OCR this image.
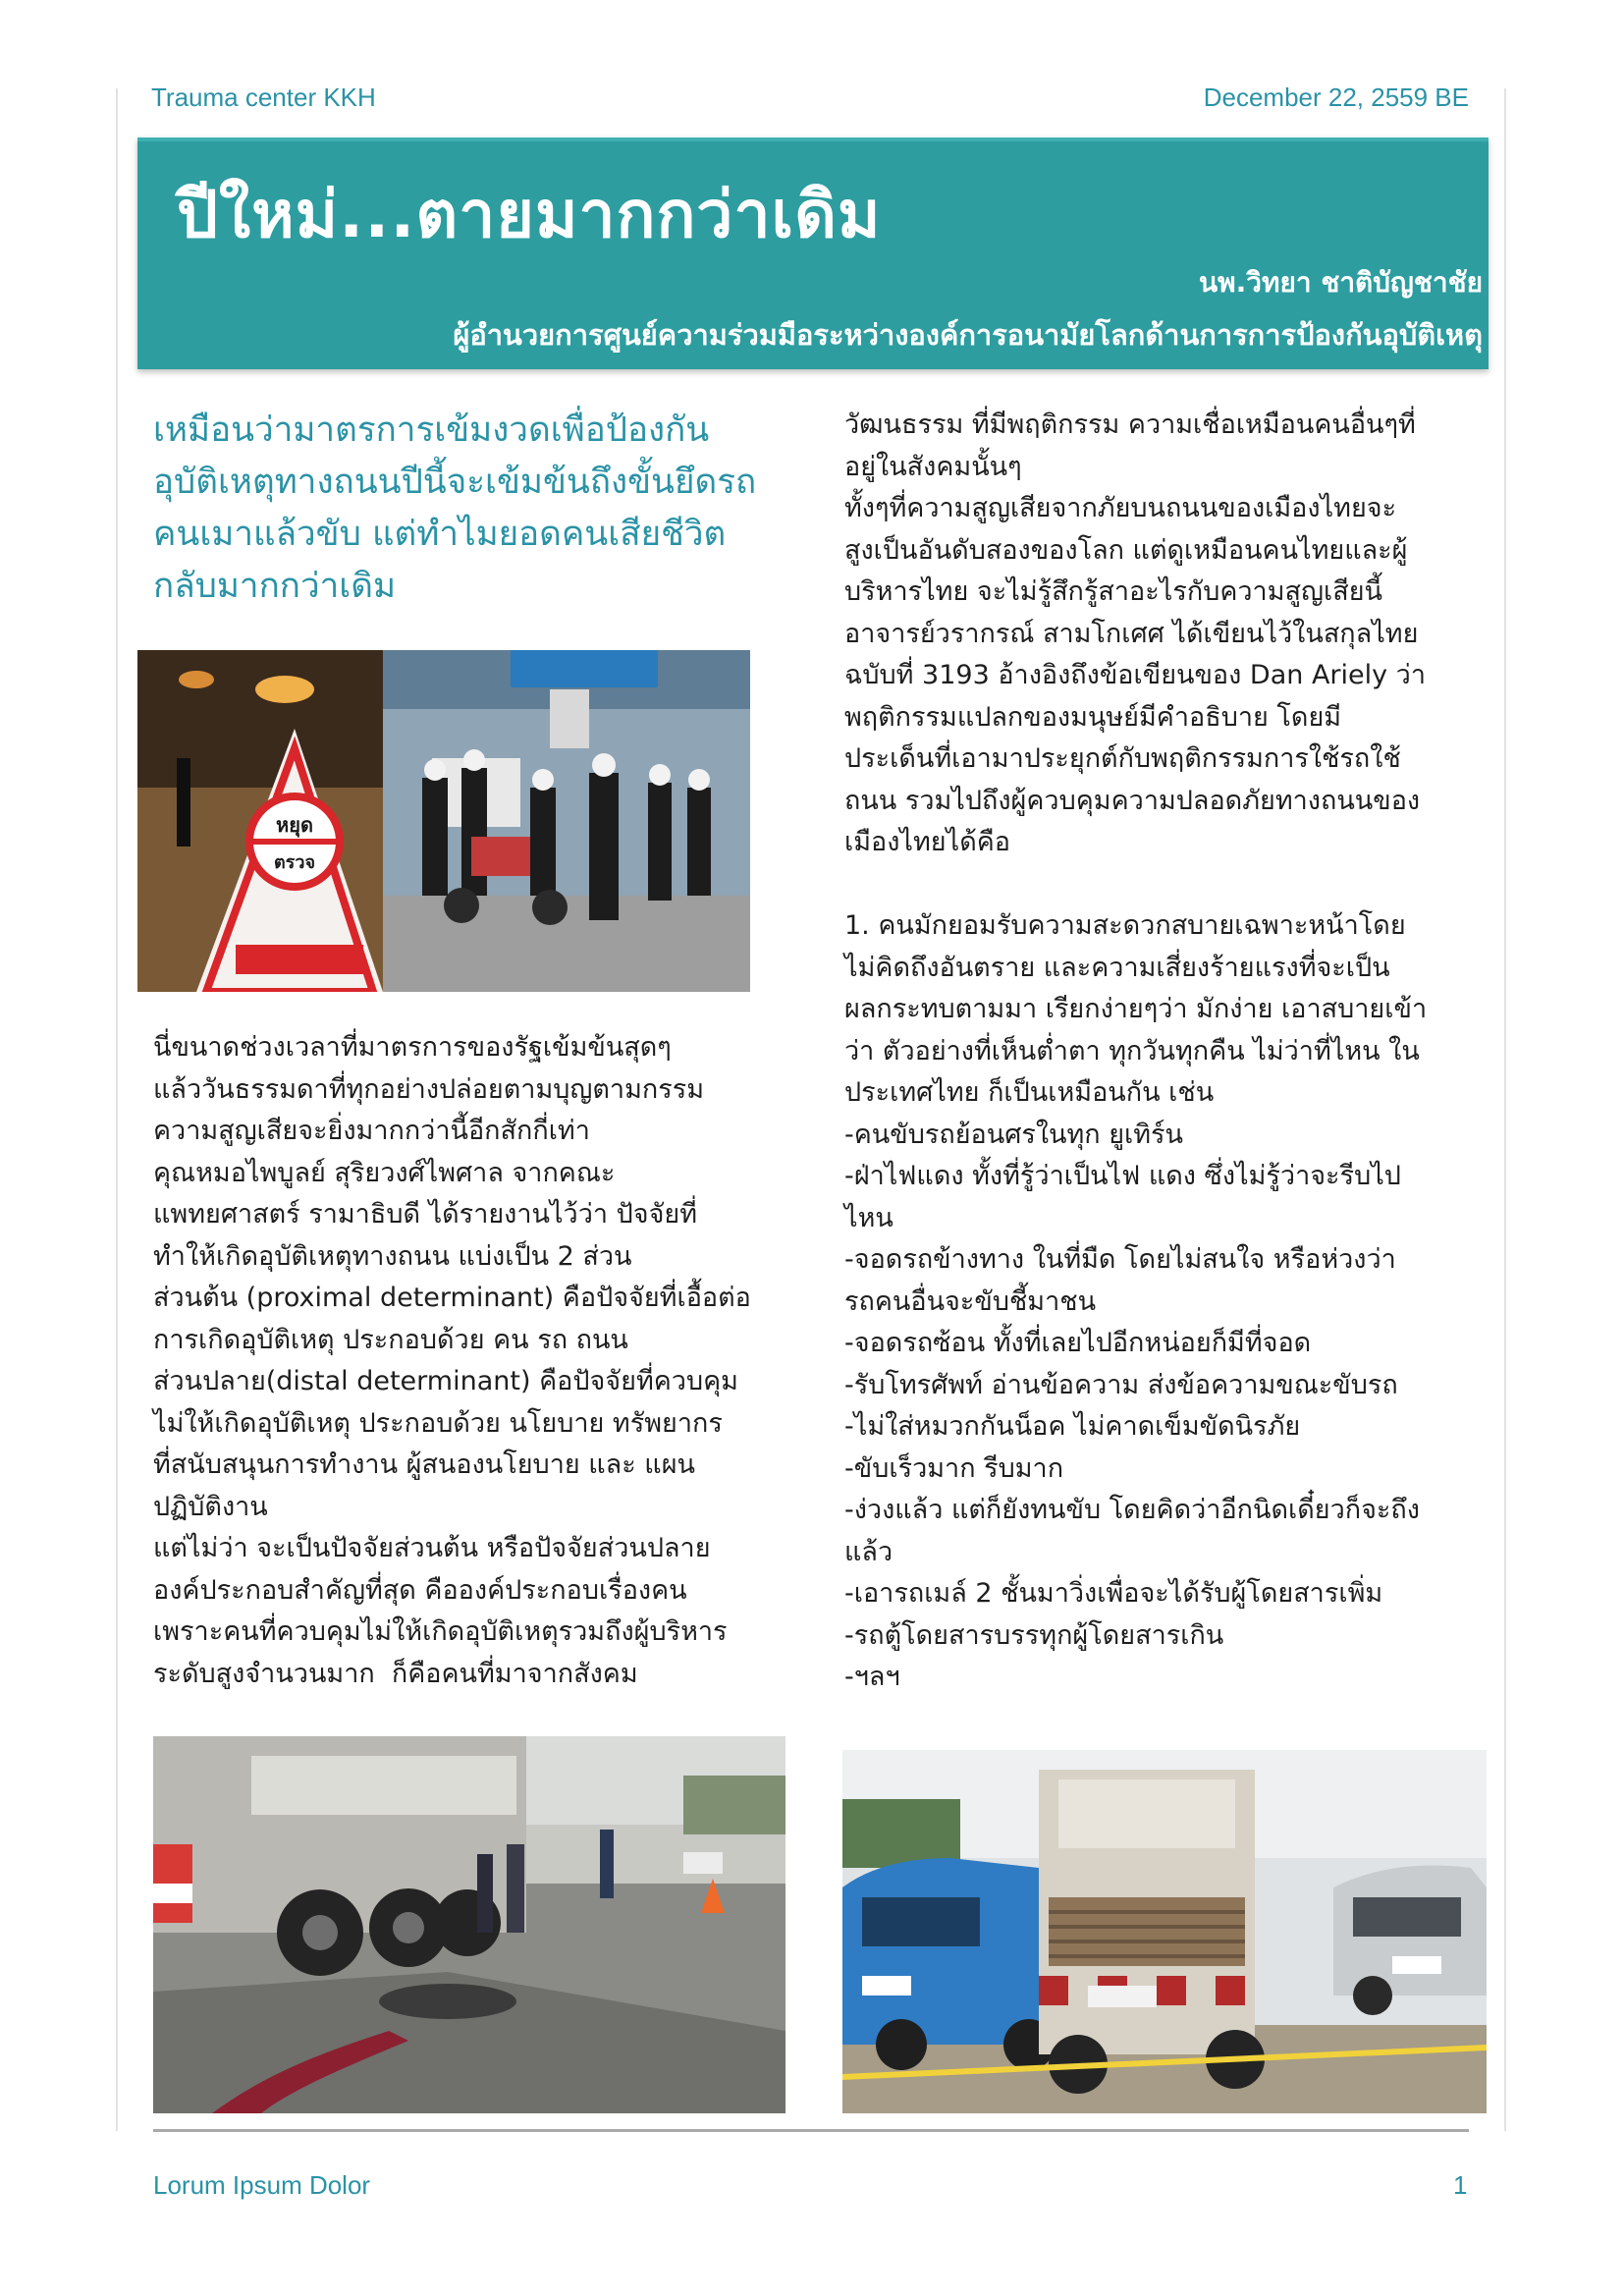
Trauma center KKH	December 22, 2559 BE
ปีใหม่...ตายมากกว่าเดิม
นพ.วิทยา ชาติบัญชาชัย
ผู้อำนวยการศูนย์ความร่วมมือระหว่างองค์การอนามัยโลกด้านการการป้องกันอุบัติเหตุ

เหมือนว่ามาตรการเข้มงวดเพื่อป้องกันอุบัติเหตุทางถนนปีนี้จะเข้มข้นถึงขั้นยึดรถคนเมาแล้วขับ แต่ทำไมยอดคนเสียชีวิตกลับมากกว่าเดิม

หยุด
ตรวจ

นี่ขนาดช่วงเวลาที่มาตรการของรัฐเข้มข้นสุดๆ
แล้ววันธรรมดาที่ทุกอย่างปล่อยตามบุญตามกรรม
ความสูญเสียจะยิ่งมากกว่านี้อีกสักกี่เท่า
คุณหมอไพบูลย์ สุริยวงศ์ไพศาล จากคณะ
แพทยศาสตร์ รามาธิบดี ได้รายงานไว้ว่า ปัจจัยที่
ทำให้เกิดอุบัติเหตุทางถนน แบ่งเป็น 2 ส่วน
ส่วนต้น (proximal determinant) คือปัจจัยที่เอื้อต่อ
การเกิดอุบัติเหตุ ประกอบด้วย คน รถ ถนน
ส่วนปลาย(distal determinant) คือปัจจัยที่ควบคุม
ไม่ให้เกิดอุบัติเหตุ ประกอบด้วย นโยบาย ทรัพยากร
ที่สนับสนุนการทำงาน ผู้สนองนโยบาย และ แผน
ปฏิบัติงาน
แต่ไม่ว่า จะเป็นปัจจัยส่วนต้น หรือปัจจัยส่วนปลาย
องค์ประกอบสำคัญที่สุด คือองค์ประกอบเรื่องคน
เพราะคนที่ควบคุมไม่ให้เกิดอุบัติเหตุรวมถึงผู้บริหาร
ระดับสูงจำนวนมาก  ก็คือคนที่มาจากสังคม

วัฒนธรรม ที่มีพฤติกรรม ความเชื่อเหมือนคนอื่นๆที่
อยู่ในสังคมนั้นๆ
ทั้งๆที่ความสูญเสียจากภัยบนถนนของเมืองไทยจะ
สูงเป็นอันดับสองของโลก แต่ดูเหมือนคนไทยและผู้
บริหารไทย จะไม่รู้สึกรู้สาอะไรกับความสูญเสียนี้
อาจารย์วรากรณ์ สามโกเศศ ได้เขียนไว้ในสกุลไทย
ฉบับที่ 3193 อ้างอิงถึงข้อเขียนของ Dan Ariely ว่า
พฤติกรรมแปลกของมนุษย์มีคำอธิบาย โดยมี
ประเด็นที่เอามาประยุกต์กับพฤติกรรมการใช้รถใช้
ถนน รวมไปถึงผู้ควบคุมความปลอดภัยทางถนนของ
เมืองไทยได้คือ

1. คนมักยอมรับความสะดวกสบายเฉพาะหน้าโดย
ไม่คิดถึงอันตราย และความเสี่ยงร้ายแรงที่จะเป็น
ผลกระทบตามมา เรียกง่ายๆว่า มักง่าย เอาสบายเข้า
ว่า ตัวอย่างที่เห็นต่ำตา ทุกวันทุกคืน ไม่ว่าที่ไหน ใน
ประเทศไทย ก็เป็นเหมือนกัน เช่น
-คนขับรถย้อนศรในทุก ยูเทิร์น
-ฝ่าไฟแดง ทั้งที่รู้ว่าเป็นไฟ แดง ซึ่งไม่รู้ว่าจะรีบไป
ไหน
-จอดรถข้างทาง ในที่มืด โดยไม่สนใจ หรือห่วงว่า
รถคนอื่นจะขับชี้มาชน
-จอดรถซ้อน ทั้งที่เลยไปอีกหน่อยก็มีที่จอด
-รับโทรศัพท์ อ่านข้อความ ส่งข้อความขณะขับรถ
-ไม่ใส่หมวกกันน็อค ไม่คาดเข็มขัดนิรภัย
-ขับเร็วมาก รีบมาก
-ง่วงแล้ว แต่ก็ยังทนขับ โดยคิดว่าอีกนิดเดี๋ยวก็จะถึง
แล้ว
-เอารถเมล์ 2 ชั้นมาวิ่งเพื่อจะได้รับผู้โดยสารเพิ่ม
-รถตู้โดยสารบรรทุกผู้โดยสารเกิน
-ฯลฯ

Lorum Ipsum Dolor	1
